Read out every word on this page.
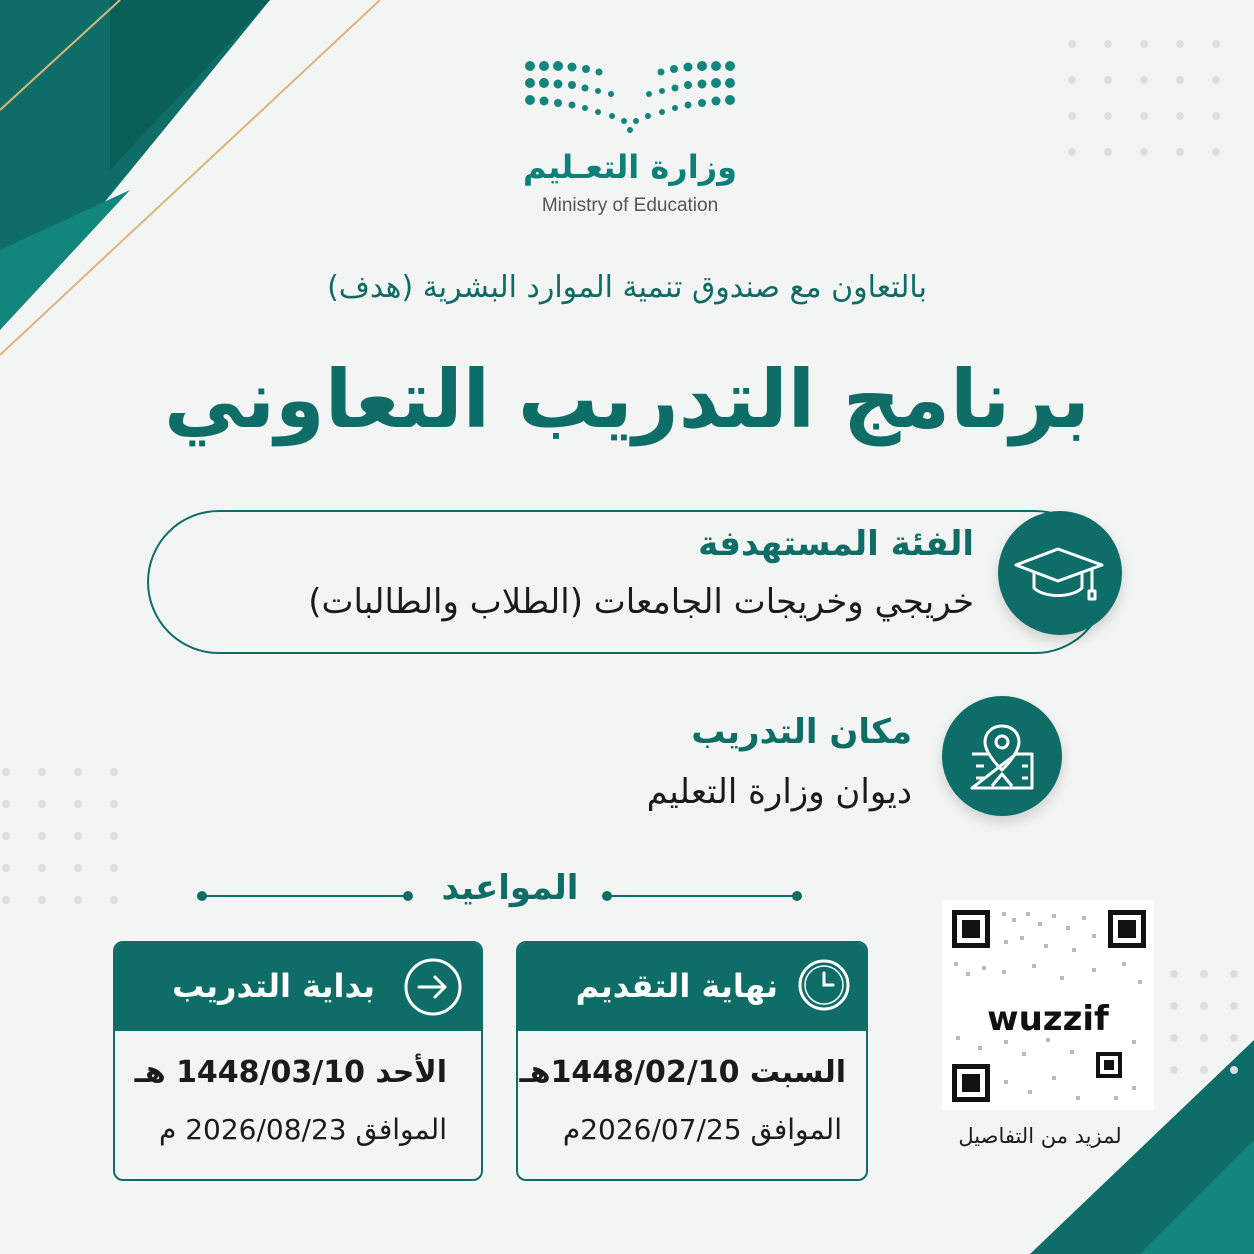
وزارة التعـليم
Ministry of Education
بالتعاون مع صندوق تنمية الموارد البشرية (هدف)
برنامج التدريب التعاوني
الفئة المستهدفة
خريجي وخريجات الجامعات (الطلاب والطالبات)
مكان التدريب
ديوان وزارة التعليم
المواعيد
نهاية التقديم
السبت 1448/02/10هـ
الموافق 2026/07/25م
بداية التدريب
الأحد 1448/03/10 هـ
الموافق 2026/08/23 م
wuzzif
لمزيد من التفاصيل
